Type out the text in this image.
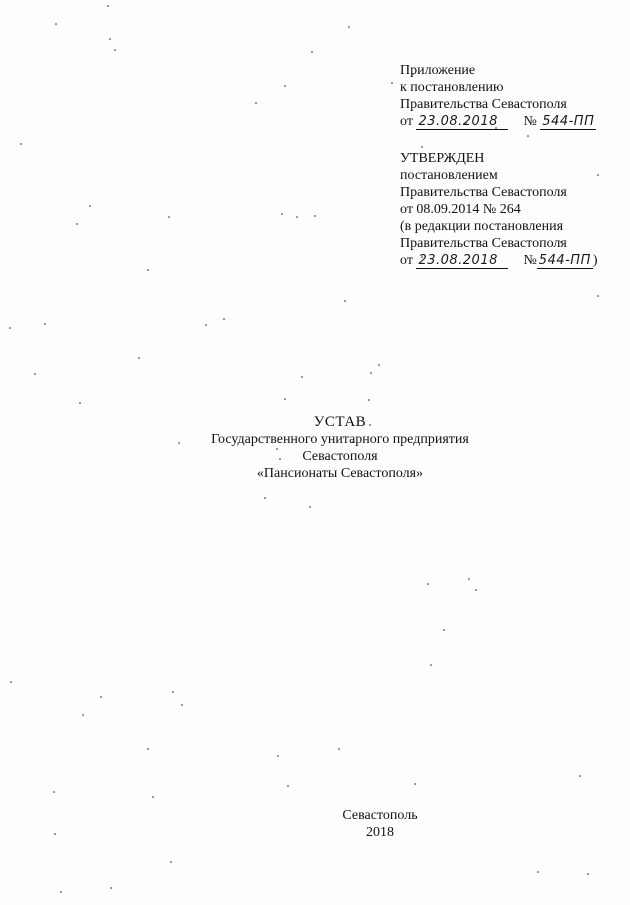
Приложение
к постановлению
Правительства Севастополя
от 23.08.2018 № 544-ПП
УТВЕРЖДЕН
постановлением
Правительства Севастополя
от 08.09.2014 № 264
(в редакции постановления
Правительства Севастополя
от 23.08.2018 № 544-ПП )
УСТАВ
Государственного унитарного предприятия
Севастополя
«Пансионаты Севастополя»
Севастополь
2018
